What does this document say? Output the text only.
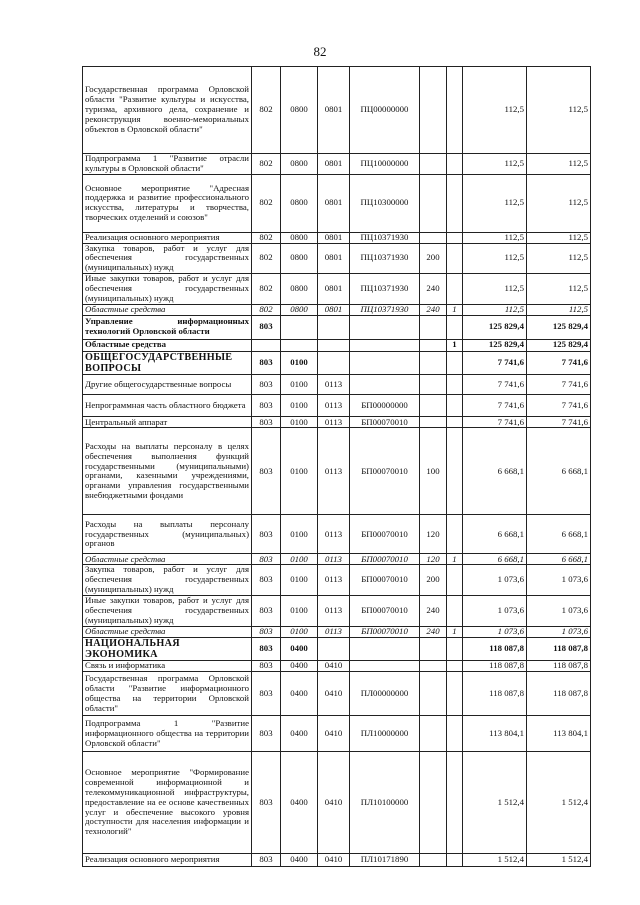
82
Государственная программа Орловской области "Развитие культуры и искусства, туризма, архивного дела, сохранение и реконструкция военно-мемориальных объектов в Орловской области"	802	0800	0801	ПЦ00000000			112,5	112,5
Подпрограмма 1 "Развитие отрасли культуры в Орловской области"	802	0800	0801	ПЦ10000000			112,5	112,5
Основное мероприятие "Адресная поддержка и развитие профессионального искусства, литературы и творчества, творческих отделений и союзов"	802	0800	0801	ПЦ10300000			112,5	112,5
Реализация основного мероприятия	802	0800	0801	ПЦ10371930			112,5	112,5
Закупка товаров, работ и услуг для обеспечения государственных (муниципальных) нужд	802	0800	0801	ПЦ10371930	200		112,5	112,5
Иные закупки товаров, работ и услуг для обеспечения государственных (муниципальных) нужд	802	0800	0801	ПЦ10371930	240		112,5	112,5
Областные средства	802	0800	0801	ПЦ10371930	240	1	112,5	112,5
Управление информационных технологий Орловской области	803						125 829,4	125 829,4
Областные средства						1	125 829,4	125 829,4
ОБЩЕГОСУДАРСТВЕННЫЕ ВОПРОСЫ	803	0100					7 741,6	7 741,6
Другие общегосударственные вопросы	803	0100	0113				7 741,6	7 741,6
Непрограммная часть областного бюджета	803	0100	0113	БП00000000			7 741,6	7 741,6
Центральный аппарат	803	0100	0113	БП00070010			7 741,6	7 741,6
Расходы на выплаты персоналу в целях обеспечения выполнения функций государственными (муниципальными) органами, казенными учреждениями, органами управления государственными внебюджетными фондами	803	0100	0113	БП00070010	100		6 668,1	6 668,1
Расходы на выплаты персоналу государственных (муниципальных) органов	803	0100	0113	БП00070010	120		6 668,1	6 668,1
Областные средства	803	0100	0113	БП00070010	120	1	6 668,1	6 668,1
Закупка товаров, работ и услуг для обеспечения государственных (муниципальных) нужд	803	0100	0113	БП00070010	200		1 073,6	1 073,6
Иные закупки товаров, работ и услуг для обеспечения государственных (муниципальных) нужд	803	0100	0113	БП00070010	240		1 073,6	1 073,6
Областные средства	803	0100	0113	БП00070010	240	1	1 073,6	1 073,6
НАЦИОНАЛЬНАЯ ЭКОНОМИКА	803	0400					118 087,8	118 087,8
Связь и информатика	803	0400	0410				118 087,8	118 087,8
Государственная программа Орловской области "Развитие информационного общества на территории Орловской области"	803	0400	0410	ПЛ00000000			118 087,8	118 087,8
Подпрограмма 1 "Развитие информационного общества на территории Орловской области"	803	0400	0410	ПЛ10000000			113 804,1	113 804,1
Основное мероприятие "Формирование современной информационной и телекоммуникационной инфраструктуры, предоставление на ее основе качественных услуг и обеспечение высокого уровня доступности для населения информации и технологий"	803	0400	0410	ПЛ10100000			1 512,4	1 512,4
Реализация основного мероприятия	803	0400	0410	ПЛ10171890			1 512,4	1 512,4
